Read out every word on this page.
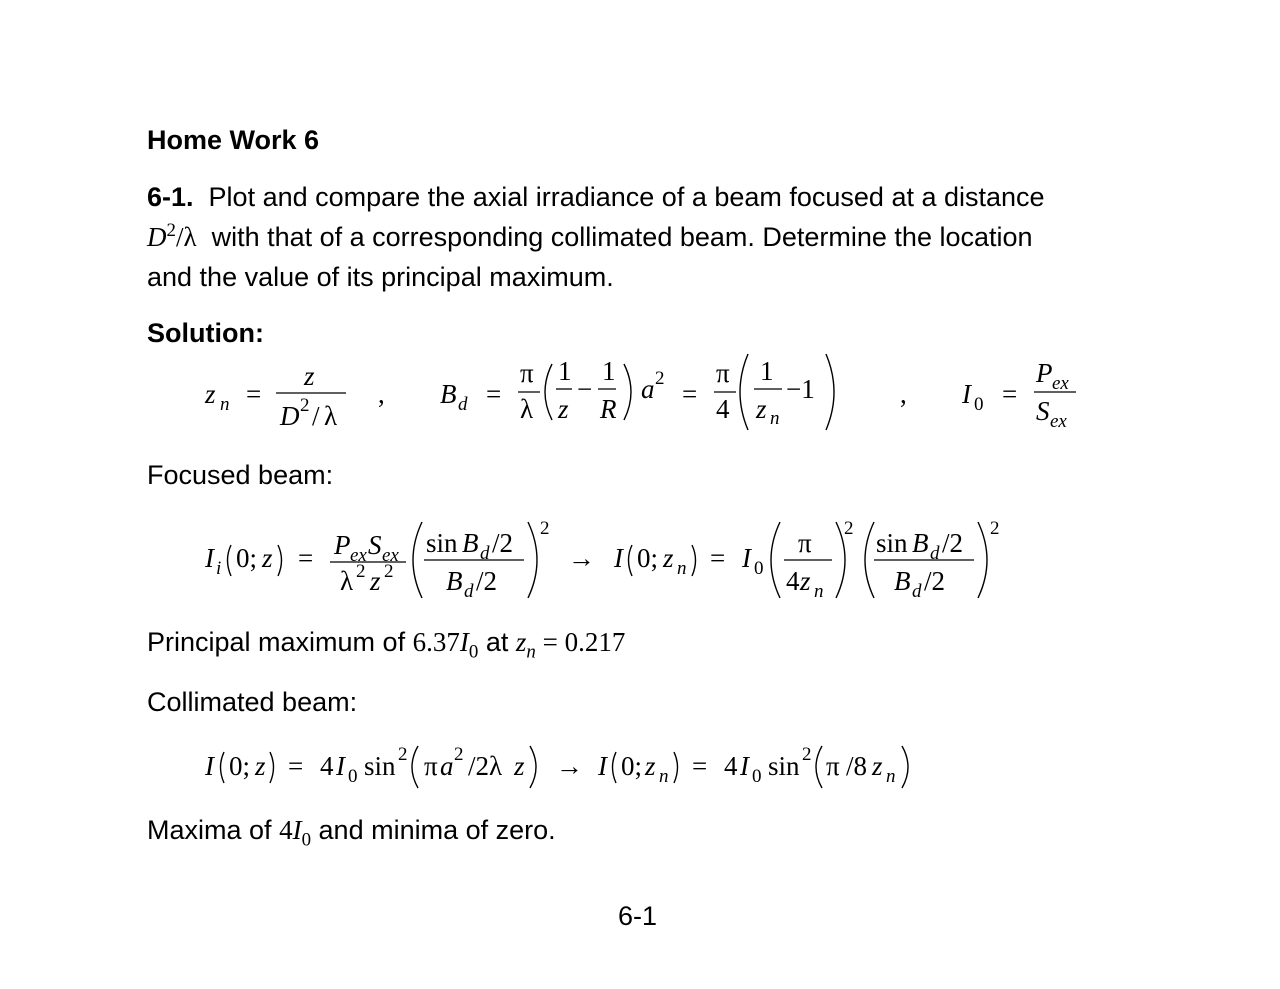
Home Work 6
6-1. Plot and compare the axial irradiance of a beam focused at a distance
$D^2/\lambda$ with that of a corresponding collimated beam. Determine the location
and the value of its principal maximum.
Solution:
Focused beam:
Principal maximum of $6.37I_0$ at $z_n = 0.217$
Collimated beam:
Maxima of $4I_0$ and minima of zero.
6-1
z n =
z
D 2 / λ
, B d =
π
λ
1
z
−
1
R
a 2
=
π
4
1
z n
−1	, I 0 =
P ex
S ex
I i 0; z = P ex S ex
λ 2 z 2
sin B d /2
B d /2
2
→ I 0; z n = I 0
π
4 z n
2 sin B d /2
B d /2
2
I 0; z = 4 I 0 sin 2 π a 2 /2λ z → I 0; z n = 4 I 0 sin 2 π /8 z n
